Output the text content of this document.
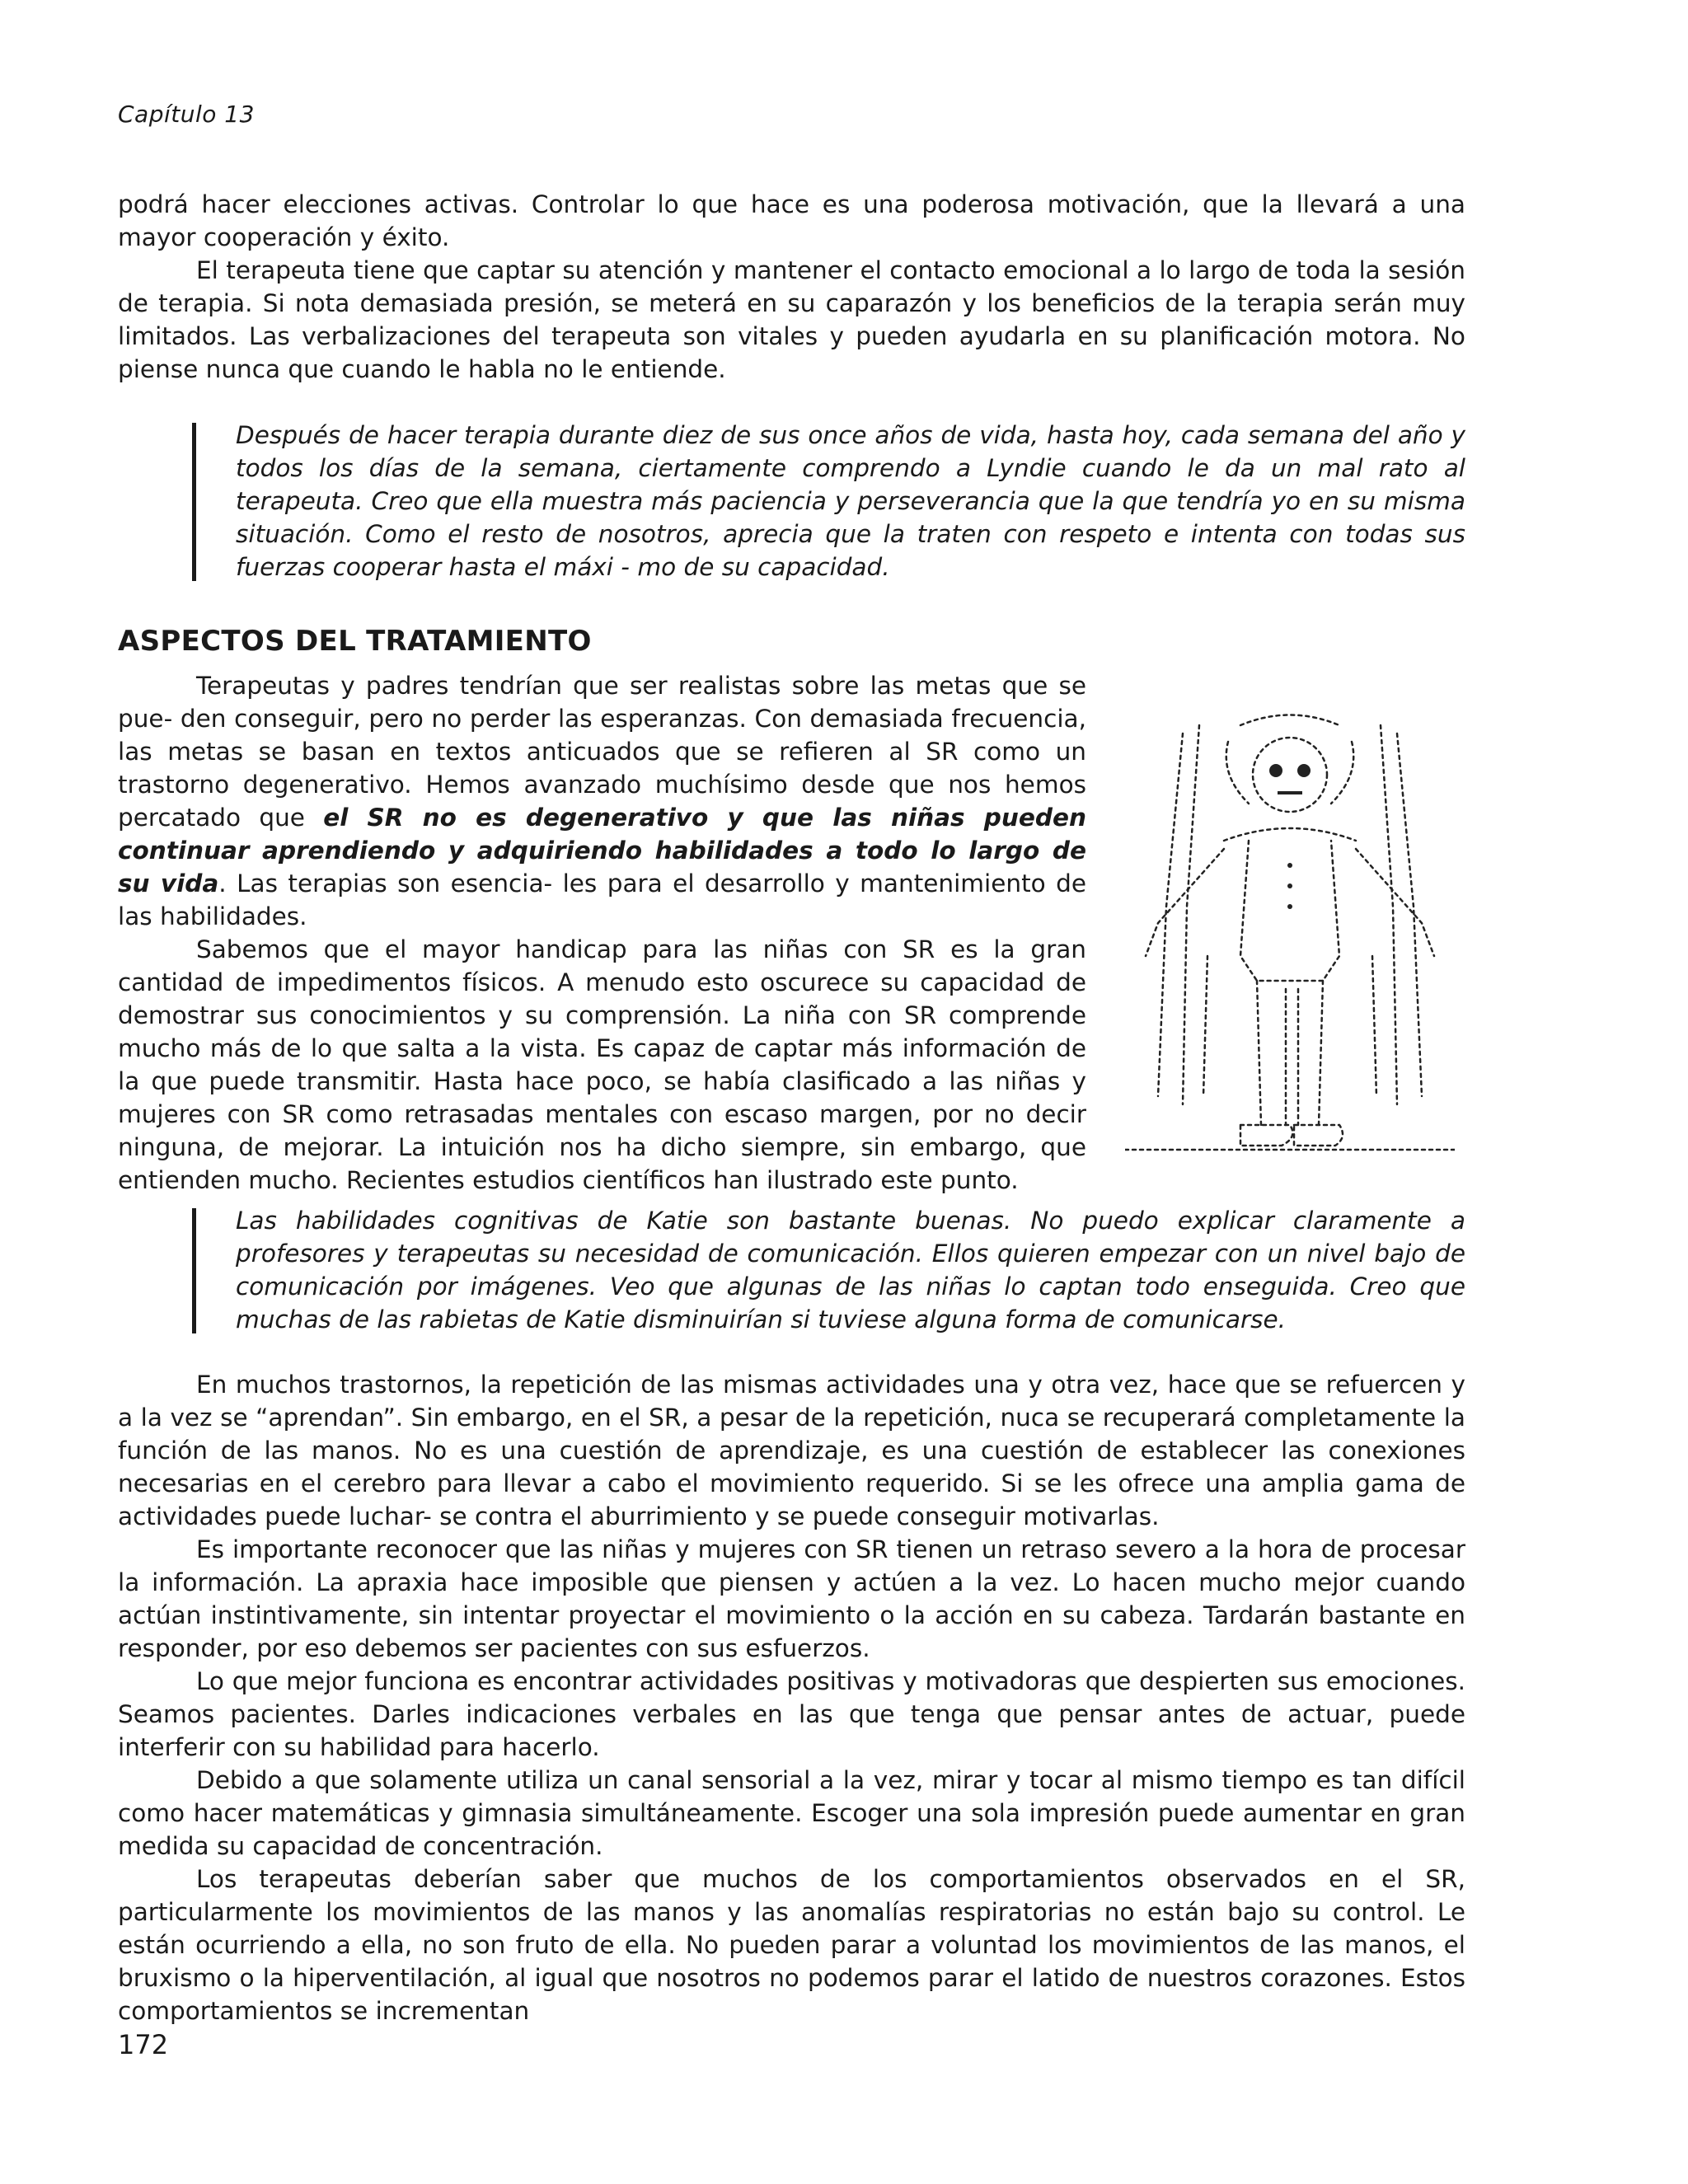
Capítulo 13

podrá hacer elecciones activas. Controlar lo que hace es una poderosa motivación, que la llevará a una mayor cooperación y éxito.

El terapeuta tiene que captar su atención y mantener el contacto emocional a lo largo de toda la sesión de terapia. Si nota demasiada presión, se meterá en su caparazón y los beneficios de la terapia serán muy limitados. Las verbalizaciones del terapeuta son vitales y pueden ayudarla en su planificación motora. No piense nunca que cuando le habla no le entiende.

Después de hacer terapia durante diez de sus once años de vida, hasta hoy, cada semana del año y todos los días de la semana, ciertamente comprendo a Lyndie cuando le da un mal rato al terapeuta. Creo que ella muestra más paciencia y perseverancia que la que tendría yo en su misma situación. Como el resto de nosotros, aprecia que la traten con respeto e intenta con todas sus fuerzas cooperar hasta el máxi - mo de su capacidad.
ASPECTOS DEL TRATAMIENTO

Terapeutas y padres tendrían que ser realistas sobre las metas que se pue- den conseguir, pero no perder las esperanzas. Con demasiada frecuencia, las metas se basan en textos anticuados que se refieren al SR como un trastorno degenerativo. Hemos avanzado muchísimo desde que nos hemos percatado que el SR no es degenerativo y que las niñas pueden continuar aprendiendo y adquiriendo habilidades a todo lo largo de su vida. Las terapias son esencia- les para el desarrollo y mantenimiento de las habilidades.

Sabemos que el mayor handicap para las niñas con SR es la gran cantidad de impedimentos físicos. A menudo esto oscurece su capacidad de demostrar sus conocimientos y su comprensión. La niña con SR comprende mucho más de lo que salta a la vista. Es capaz de captar más información de la que puede transmitir. Hasta hace poco, se había clasificado a las niñas y mujeres con SR como retrasadas mentales con escaso margen, por no decir ninguna, de mejorar. La intuición nos ha dicho siempre, sin embargo, que entienden mucho. Recientes estudios científicos han ilustrado este punto.

Las habilidades cognitivas de Katie son bastante buenas. No puedo explicar claramente a profesores y terapeutas su necesidad de comunicación. Ellos quieren empezar con un nivel bajo de comunicación por imágenes. Veo que algunas de las niñas lo captan todo enseguida. Creo que muchas de las rabietas de Katie disminuirían si tuviese alguna forma de comunicarse.

En muchos trastornos, la repetición de las mismas actividades una y otra vez, hace que se refuercen y a la vez se “aprendan”. Sin embargo, en el SR, a pesar de la repetición, nuca se recuperará completamente la función de las manos. No es una cuestión de aprendizaje, es una cuestión de establecer las conexiones necesarias en el cerebro para llevar a cabo el movimiento requerido. Si se les ofrece una amplia gama de actividades puede luchar- se contra el aburrimiento y se puede conseguir motivarlas.

Es importante reconocer que las niñas y mujeres con SR tienen un retraso severo a la hora de procesar la información. La apraxia hace imposible que piensen y actúen a la vez. Lo hacen mucho mejor cuando actúan instintivamente, sin intentar proyectar el movimiento o la acción en su cabeza. Tardarán bastante en responder, por eso debemos ser pacientes con sus esfuerzos.

Lo que mejor funciona es encontrar actividades positivas y motivadoras que despierten sus emociones. Seamos pacientes. Darles indicaciones verbales en las que tenga que pensar antes de actuar, puede interferir con su habilidad para hacerlo.

Debido a que solamente utiliza un canal sensorial a la vez, mirar y tocar al mismo tiempo es tan difícil como hacer matemáticas y gimnasia simultáneamente. Escoger una sola impresión puede aumentar en gran medida su capacidad de concentración.

Los terapeutas deberían saber que muchos de los comportamientos observados en el SR, particularmente los movimientos de las manos y las anomalías respiratorias no están bajo su control. Le están ocurriendo a ella, no son fruto de ella. No pueden parar a voluntad los movimientos de las manos, el bruxismo o la hiperventilación, al igual que nosotros no podemos parar el latido de nuestros corazones. Estos comportamientos se incrementan

172
